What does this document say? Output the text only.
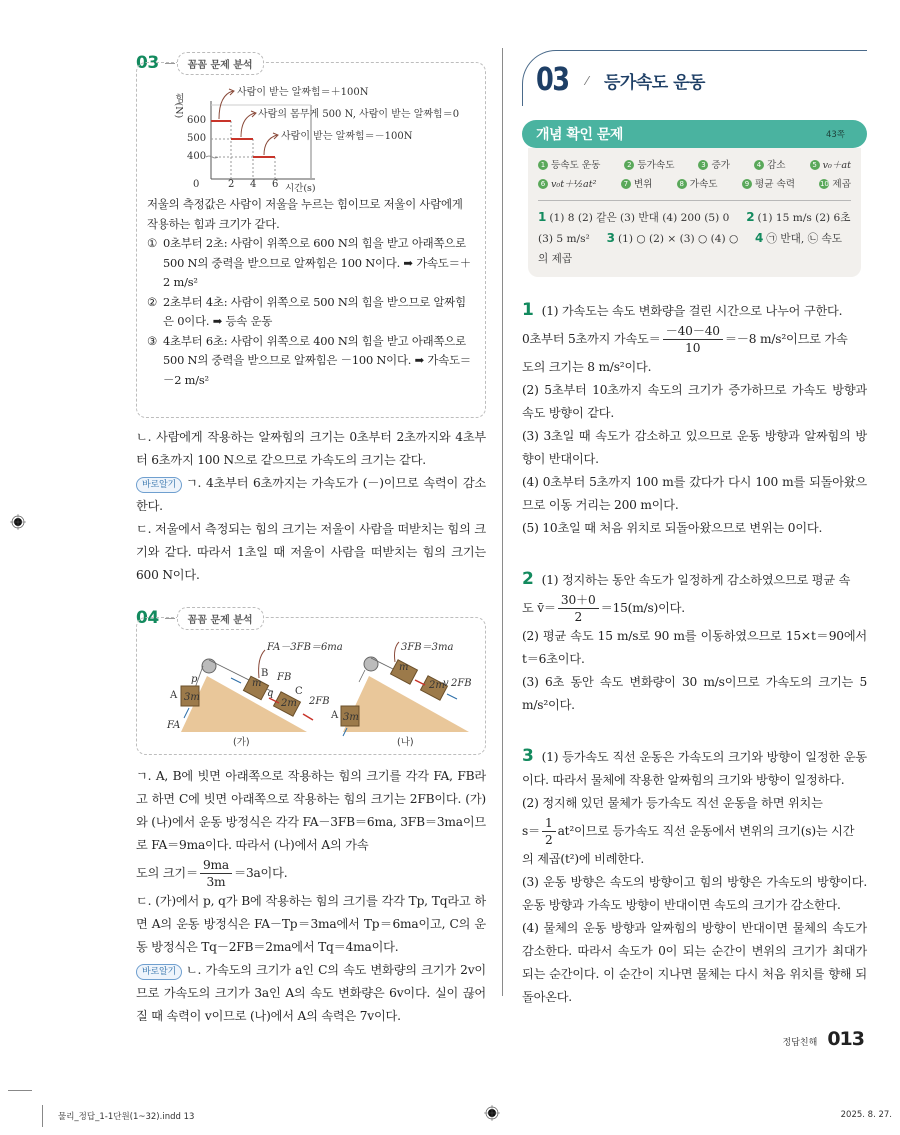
03	꼼꼼 문제 분석
힘(N)
600
500
400
0	2 4 6 시간(s)
사람이 받는 알짜힘＝＋100N
사람의 몸무게 500 N, 사람이 받는 알짜힘＝0
사람이 받는 알짜힘＝－100N
저울의 측정값은 사람이 저울을 누르는 힘이므로 저울이 사람에게 작용하는 힘과 크기가 같다.
① 0초부터 2초: 사람이 위쪽으로 600 N의 힘을 받고 아래쪽으로 500 N의 중력을 받으므로 알짜힘은 100 N이다. ➡ 가속도＝＋2 m/s²
② 2초부터 4초: 사람이 위쪽으로 500 N의 힘을 받으므로 알짜힘은 0이다. ➡ 등속 운동
③ 4초부터 6초: 사람이 위쪽으로 400 N의 힘을 받고 아래쪽으로 500 N의 중력을 받으므로 알짜힘은 －100 N이다. ➡ 가속도＝－2 m/s²
ㄴ. 사람에게 작용하는 알짜힘의 크기는 0초부터 2초까지와 4초부터 6초까지 100 N으로 같으므로 가속도의 크기는 같다.
바로알기 ㄱ. 4초부터 6초까지는 가속도가 (－)이므로 속력이 감소한다.
ㄷ. 저울에서 측정되는 힘의 크기는 저울이 사람을 떠받치는 힘의 크기와 같다. 따라서 1초일 때 저울이 사람을 떠받치는 힘의 크기는 600 N이다.
04	꼼꼼 문제 분석
FA－3FB＝6ma	3FB＝3ma
A 3m
p	m
B FB
q C
2m 2FB
FA
(가)	(나)
A 3m
m
2m
v 2FB
ㄱ. A, B에 빗면 아래쪽으로 작용하는 힘의 크기를 각각 FA, FB라고 하면 C에 빗면 아래쪽으로 작용하는 힘의 크기는 2FB이다. (가)와 (나)에서 운동 방정식은 각각 FA－3FB＝6ma, 3FB＝3ma이므로 FA＝9ma이다. 따라서 (나)에서 A의 가속
도의 크기＝ $\frac{9ma}{3m} =3a$이다.
ㄷ. (가)에서 p, q가 B에 작용하는 힘의 크기를 각각 Tp, Tq라고 하면 A의 운동 방정식은 FA－Tp＝3ma에서 Tp＝6ma이고, C의 운동 방정식은 Tq－2FB＝2ma에서 Tq＝4ma이다.
바로알기 ㄴ. 가속도의 크기가 a인 C의 속도 변화량의 크기가 2v이므로 가속도의 크기가 3a인 A의 속도 변화량은 6v이다. 실이 끊어질 때 속력이 v이므로 (나)에서 A의 속력은 7v이다.
03 ⁄ 등가속도 운동
개념 확인 문제	43쪽
1 등속도 운동	2 등가속도	3 증가	4 감소	5 v₀＋at
6 v₀t＋½at²	7 변위	8 가속도	9 평균 속력	10 제곱
1 (1) 8 (2) 같은 (3) 반대 (4) 200 (5) 0 2 (1) 15 m/s (2) 6초 (3) 5 m/s² 3 (1) ○ (2) × (3) ○ (4) ○ 4 ㉠ 반대, ㉡ 속도의 제곱
1 (1) 가속도는 속도 변화량을 걸린 시간으로 나누어 구한다.
0초부터 5초까지 가속도＝ $\frac{-40-40}{10} =-8$ m/s²이므로 가속
도의 크기는 8 m/s²이다.
(2) 5초부터 10초까지 속도의 크기가 증가하므로 가속도 방향과 속도 방향이 같다.
(3) 3초일 때 속도가 감소하고 있으므로 운동 방향과 알짜힘의 방향이 반대이다.
(4) 0초부터 5초까지 100 m를 갔다가 다시 100 m를 되돌아왔으므로 이동 거리는 200 m이다.
(5) 10초일 때 처음 위치로 되돌아왔으므로 변위는 0이다.
2 (1) 정지하는 동안 속도가 일정하게 감소하였으므로 평균 속
도 v̄＝ $\frac{30+0}{2} =15(m/s)$이다.
(2) 평균 속도 15 m/s로 90 m를 이동하였으므로 15×t＝90에서 t＝6초이다.
(3) 6초 동안 속도 변화량이 30 m/s이므로 가속도의 크기는 5 m/s²이다.
3 (1) 등가속도 직선 운동은 가속도의 크기와 방향이 일정한 운동이다. 따라서 물체에 작용한 알짜힘의 크기와 방향이 일정하다.
(2) 정지해 있던 물체가 등가속도 직선 운동을 하면 위치는
$s= \frac{1}{2} at^2$이므로 등가속도 직선 운동에서 변위의 크기(s)는 시간
의 제곱(t²)에 비례한다.
(3) 운동 방향은 속도의 방향이고 힘의 방향은 가속도의 방향이다. 운동 방향과 가속도 방향이 반대이면 속도의 크기가 감소한다.
(4) 물체의 운동 방향과 알짜힘의 방향이 반대이면 물체의 속도가 감소한다. 따라서 속도가 0이 되는 순간이 변위의 크기가 최대가 되는 순간이다. 이 순간이 지나면 물체는 다시 처음 위치를 향해 되돌아온다.
정답친해 013
물리_정답_1-1단원(1~32).indd 13	2025. 8. 27.
